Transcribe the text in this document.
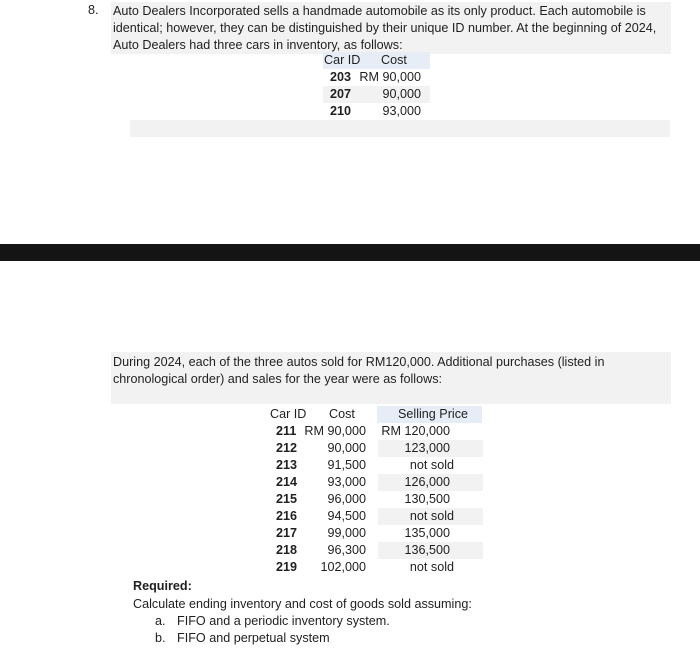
8. Auto Dealers Incorporated sells a handmade automobile as its only product. Each automobile is identical; however, they can be distinguished by their unique ID number. At the beginning of 2024, Auto Dealers had three cars in inventory, as follows:
Car ID Cost
203 RM 90,000
207 90,000
210 93,000
During 2024, each of the three autos sold for RM120,000. Additional purchases (listed in chronological order) and sales for the year were as follows:
Car ID Cost	Selling Price
211 RM 90,000 RM 120,000
212 90,000	123,000
213 91,500	not sold
214 93,000	126,000
215 96,000	130,500
216 94,500	not sold
217 99,000	135,000
218 96,300	136,500
219 102,000	not sold
Required:
Calculate ending inventory and cost of goods sold assuming:
a. FIFO and a periodic inventory system.
b. FIFO and perpetual system
